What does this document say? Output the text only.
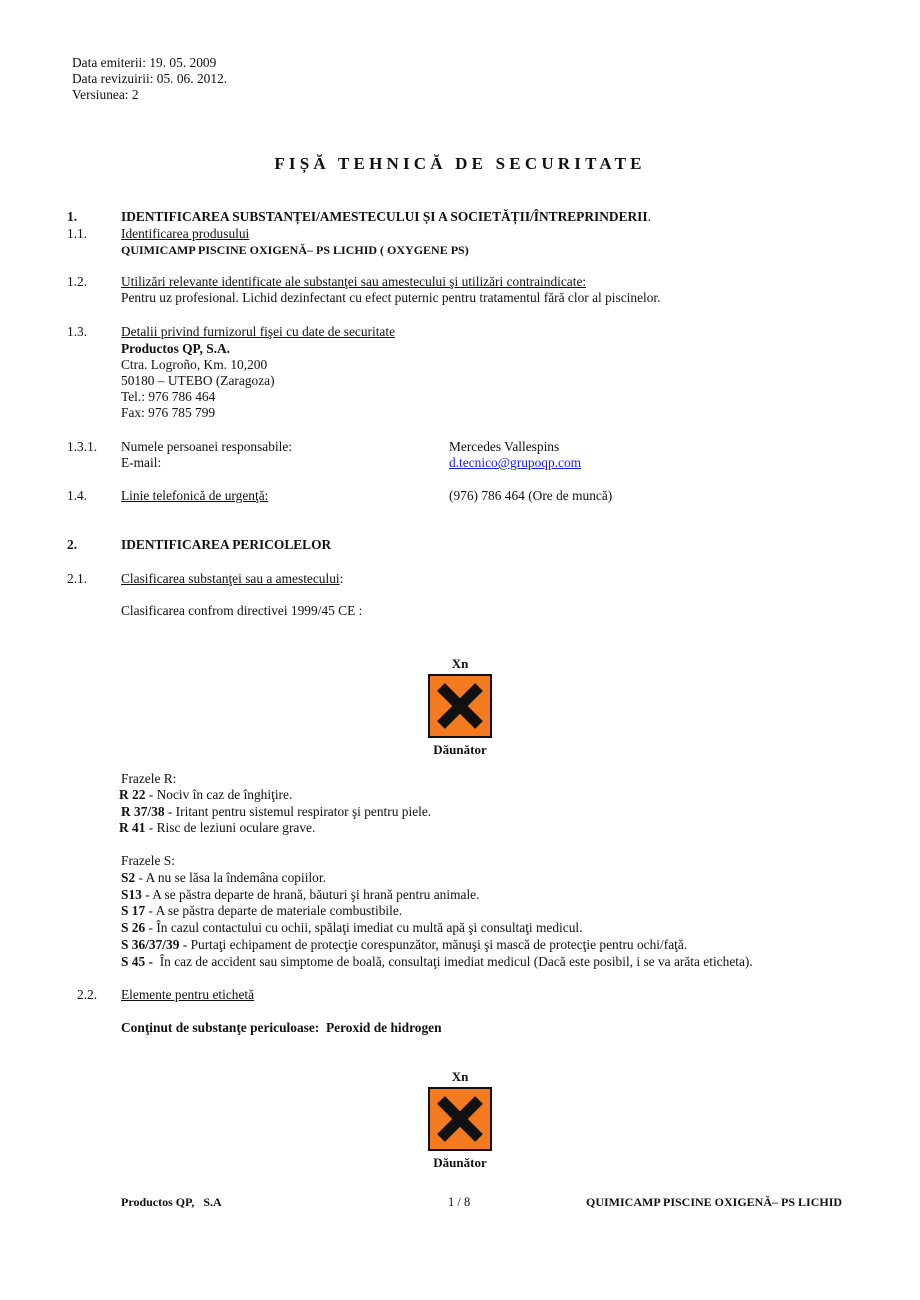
Data emiterii: 19. 05. 2009
Data revizuirii: 05. 06. 2012.
Versiunea: 2
FIȘĂ TEHNICĂ DE SECURITATE
1.	IDENTIFICAREA SUBSTANȚEI/AMESTECULUI ȘI A SOCIETĂȚII/ÎNTREPRINDERII.
1.1.	Identificarea produsului
QUIMICAMP PISCINE OXIGENĂ– PS LICHID ( OXYGENE PS)
1.2.	Utilizări relevante identificate ale substanţei sau amestecului şi utilizări contraindicate:
Pentru uz profesional. Lichid dezinfectant cu efect puternic pentru tratamentul fără clor al piscinelor.
1.3.	Detalii privind furnizorul fişei cu date de securitate
Productos QP, S.A.
Ctra. Logroño, Km. 10,200
50180 – UTEBO (Zaragoza)
Tel.: 976 786 464
Fax: 976 785 799
1.3.1. Numele persoanei responsabile:	Mercedes Vallespins
E-mail:	d.tecnico@grupoqp.com
1.4.	Linie telefonică de urgenţă:	(976) 786 464 (Ore de muncă)
2.	IDENTIFICAREA PERICOLELOR
2.1.	Clasificarea substanţei sau a amestecului:
Clasificarea confrom directivei 1999/45 CE :
Xn
Dăunător
Frazele R:
R 22 - Nociv în caz de înghiţire.
R 37/38 - Iritant pentru sistemul respirator şi pentru piele.
R 41 - Risc de leziuni oculare grave.
Frazele S:
S2 - A nu se lăsa la îndemâna copiilor.
S13 - A se păstra departe de hrană, băuturi şi hrană pentru animale.
S 17 - A se păstra departe de materiale combustibile.
S 26 - În cazul contactului cu ochii, spălaţi imediat cu multă apă şi consultaţi medicul.
S 36/37/39 - Purtaţi echipament de protecţie corespunzător, mănuşi şi mască de protecţie pentru ochi/faţă.
S 45 -  În caz de accident sau simptome de boală, consultaţi imediat medicul (Dacă este posibil, i se va arăta eticheta).
2.2. Elemente pentru etichetă
Conţinut de substanţe periculoase: Peroxid de hidrogen
Xn
Dăunător
Productos QP,   S.A	1 / 8	QUIMICAMP PISCINE OXIGENĂ– PS LICHID
